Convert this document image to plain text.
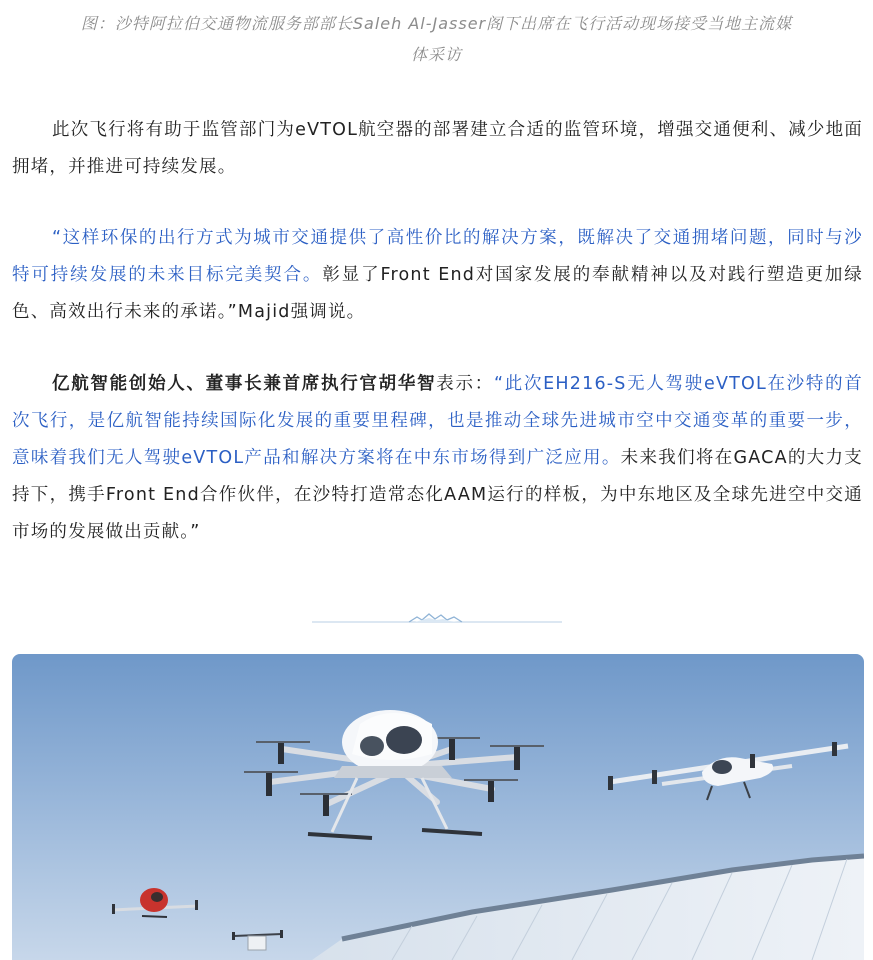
图：沙特阿拉伯交通物流服务部部长Saleh Al-Jasser阁下出席在飞行活动现场接受当地主流媒
体采访

此次飞行将有助于监管部门为eVTOL航空器的部署建立合适的监管环境，增强交通便利、减少地面拥堵，并推进可持续发展。

“这样环保的出行方式为城市交通提供了高性价比的解决方案，既解决了交通拥堵问题，同时与沙特可持续发展的未来目标完美契合。彰显了Front End对国家发展的奉献精神以及对践行塑造更加绿色、高效出行未来的承诺。”Majid强调说。

亿航智能创始人、董事长兼首席执行官胡华智表示：“此次EH216-S无人驾驶eVTOL在沙特的首次飞行，是亿航智能持续国际化发展的重要里程碑，也是推动全球先进城市空中交通变革的重要一步，意味着我们无人驾驶eVTOL产品和解决方案将在中东市场得到广泛应用。未来我们将在GACA的大力支持下，携手Front End合作伙伴，在沙特打造常态化AAM运行的样板，为中东地区及全球先进空中交通市场的发展做出贡献。”
